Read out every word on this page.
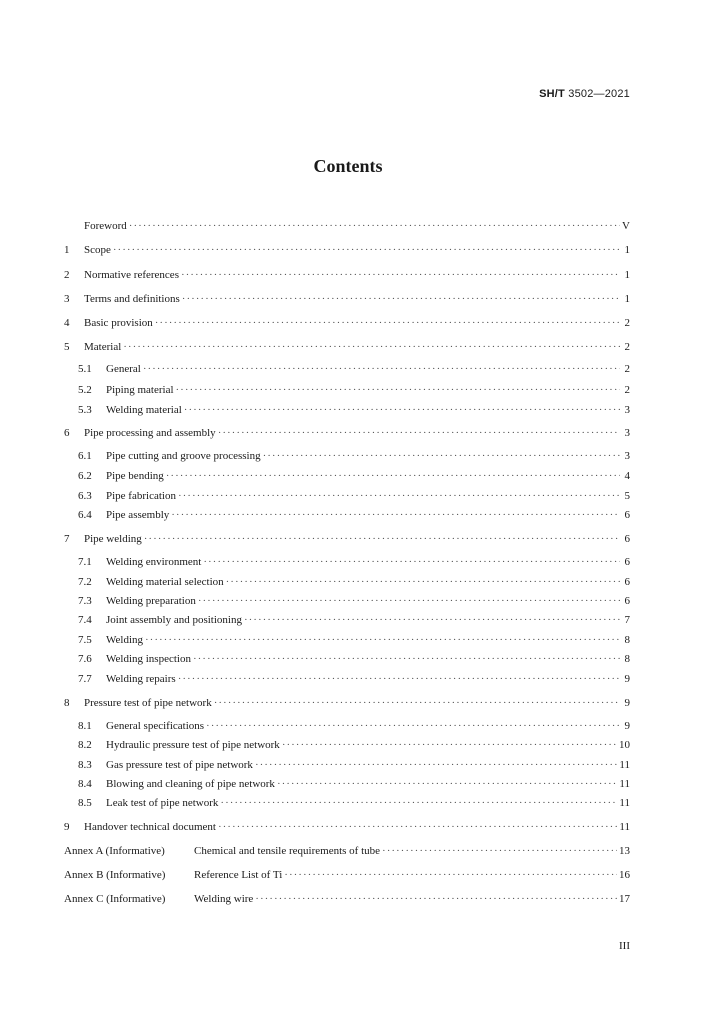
SH/T 3502—2021
Contents
Foreword ·····	V
1	Scope ·····	1
2	Normative references ·····	1
3	Terms and definitions ·····	1
4	Basic provision ·····	2
5	Material ·····	2
5.1	General ·····	2
5.2	Piping material ·····	2
5.3	Welding material ·····	3
6	Pipe processing and assembly ·····	3
6.1	Pipe cutting and groove processing ·····	3
6.2	Pipe bending ·····	4
6.3	Pipe fabrication ·····	5
6.4	Pipe assembly ·····	6
7	Pipe welding ·····	6
7.1	Welding environment ·····	6
7.2	Welding material selection ·····	6
7.3	Welding preparation ·····	6
7.4	Joint assembly and positioning ·····	7
7.5	Welding ·····	8
7.6	Welding inspection ·····	8
7.7	Welding repairs ·····	9
8	Pressure test of pipe network ·····	9
8.1	General specifications ·····	9
8.2	Hydraulic pressure test of pipe network ·····	10
8.3	Gas pressure test of pipe network ·····	11
8.4	Blowing and cleaning of pipe network ·····	11
8.5	Leak test of pipe network ·····	11
9	Handover technical document ·····	11
Annex A (Informative)	Chemical and tensile requirements of tube ·····	13
Annex B (Informative)	Reference List of Ti ·····	16
Annex C (Informative)	Welding wire ·····	17
III
